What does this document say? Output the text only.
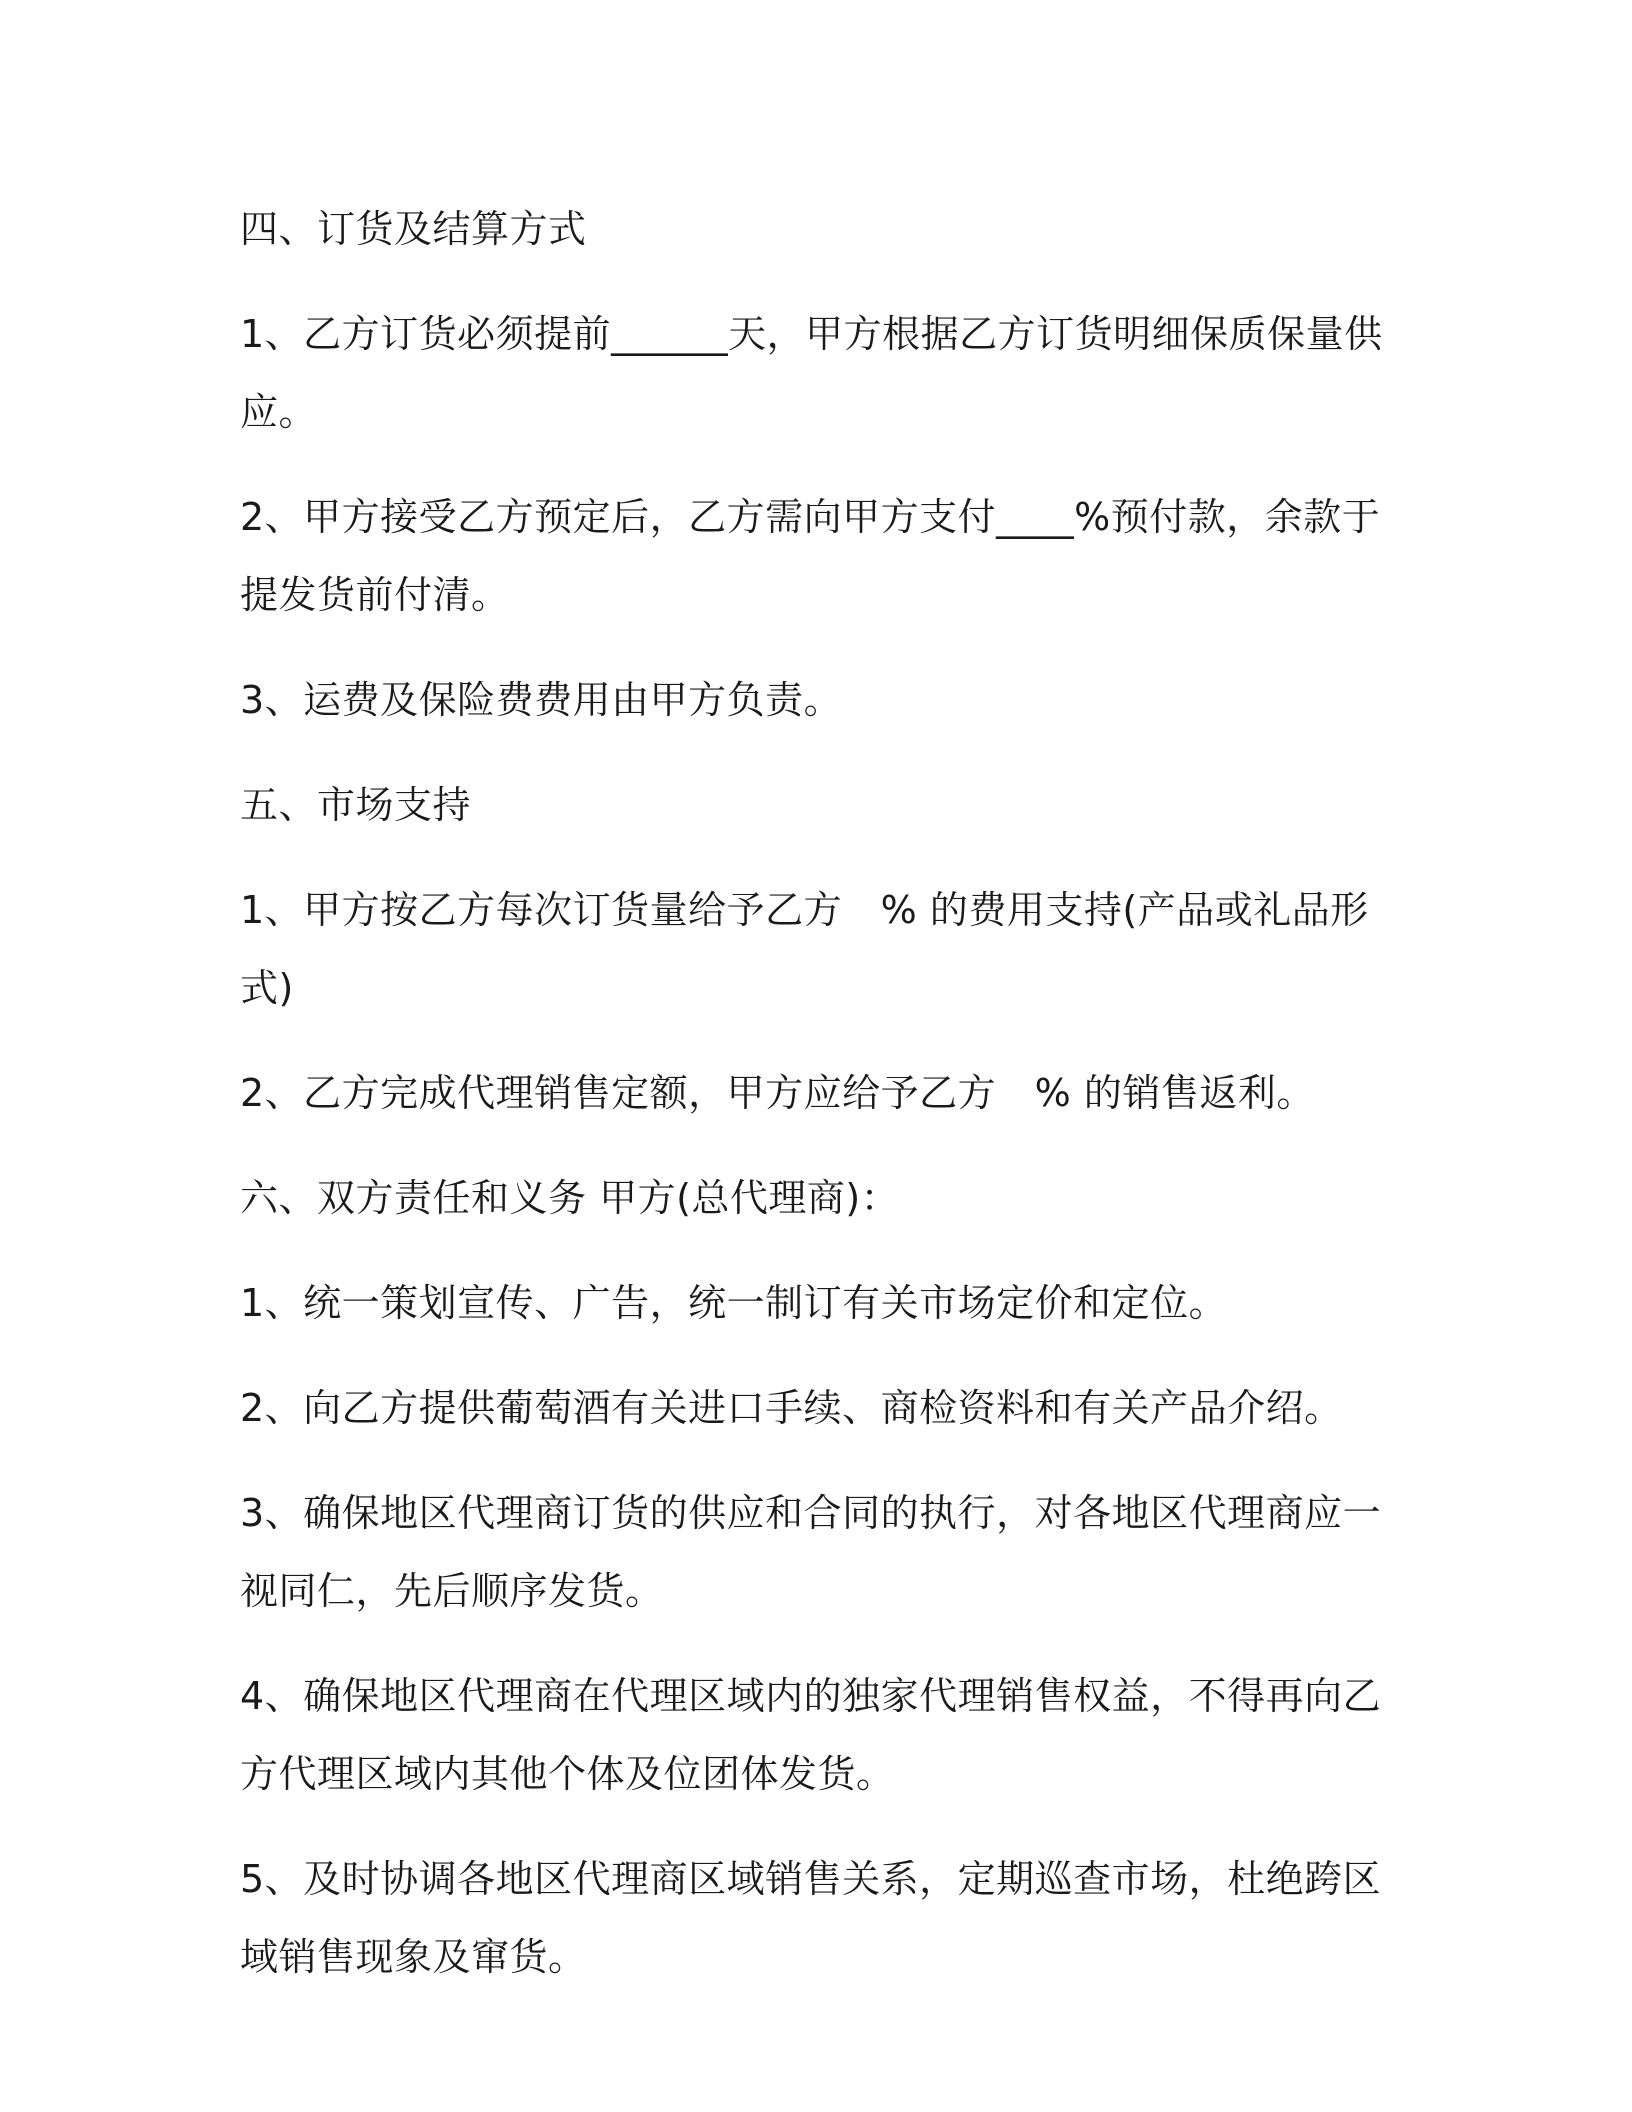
四、订货及结算方式

1、乙方订货必须提前______天，甲方根据乙方订货明细保质保量供应。

2、甲方接受乙方预定后，乙方需向甲方支付____%预付款，余款于提发货前付清。

3、运费及保险费费用由甲方负责。

五、市场支持

1、甲方按乙方每次订货量给予乙方　% 的费用支持(产品或礼品形式)

2、乙方完成代理销售定额，甲方应给予乙方　% 的销售返利。

六、双方责任和义务 甲方(总代理商)：

1、统一策划宣传、广告，统一制订有关市场定价和定位。

2、向乙方提供葡萄酒有关进口手续、商检资料和有关产品介绍。

3、确保地区代理商订货的供应和合同的执行，对各地区代理商应一视同仁，先后顺序发货。

4、确保地区代理商在代理区域内的独家代理销售权益，不得再向乙方代理区域内其他个体及位团体发货。

5、及时协调各地区代理商区域销售关系，定期巡查市场，杜绝跨区域销售现象及窜货。
